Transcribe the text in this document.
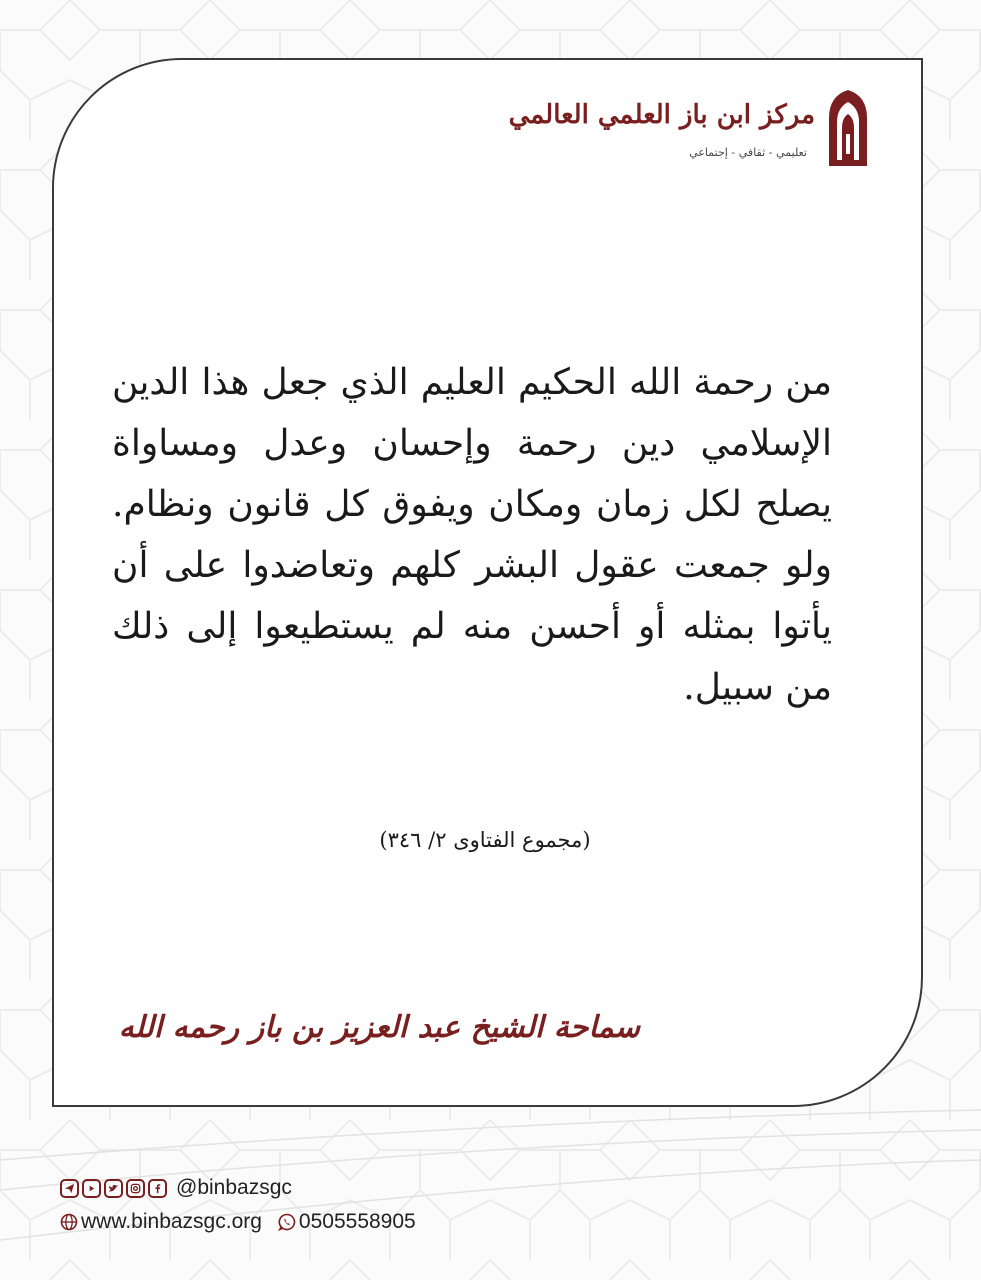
مركز ابن باز العلمي العالمي
تعليمي - ثقافي - إجتماعي
من رحمة الله الحكيم العليم الذي جعل هذا الدين الإسلامي دين رحمة وإحسان وعدل ومساواة يصلح لكل زمان ومكان ويفوق كل قانون ونظام. ولو جمعت عقول البشر كلهم وتعاضدوا على أن يأتوا بمثله أو أحسن منه لم يستطيعوا إلى ذلك من سبيل.
(مجموع الفتاوى ٢/ ٣٤٦)
سماحة الشيخ عبد العزيز بن باز رحمه الله
@binbazsgc
www.binbazsgc.org 0505558905
